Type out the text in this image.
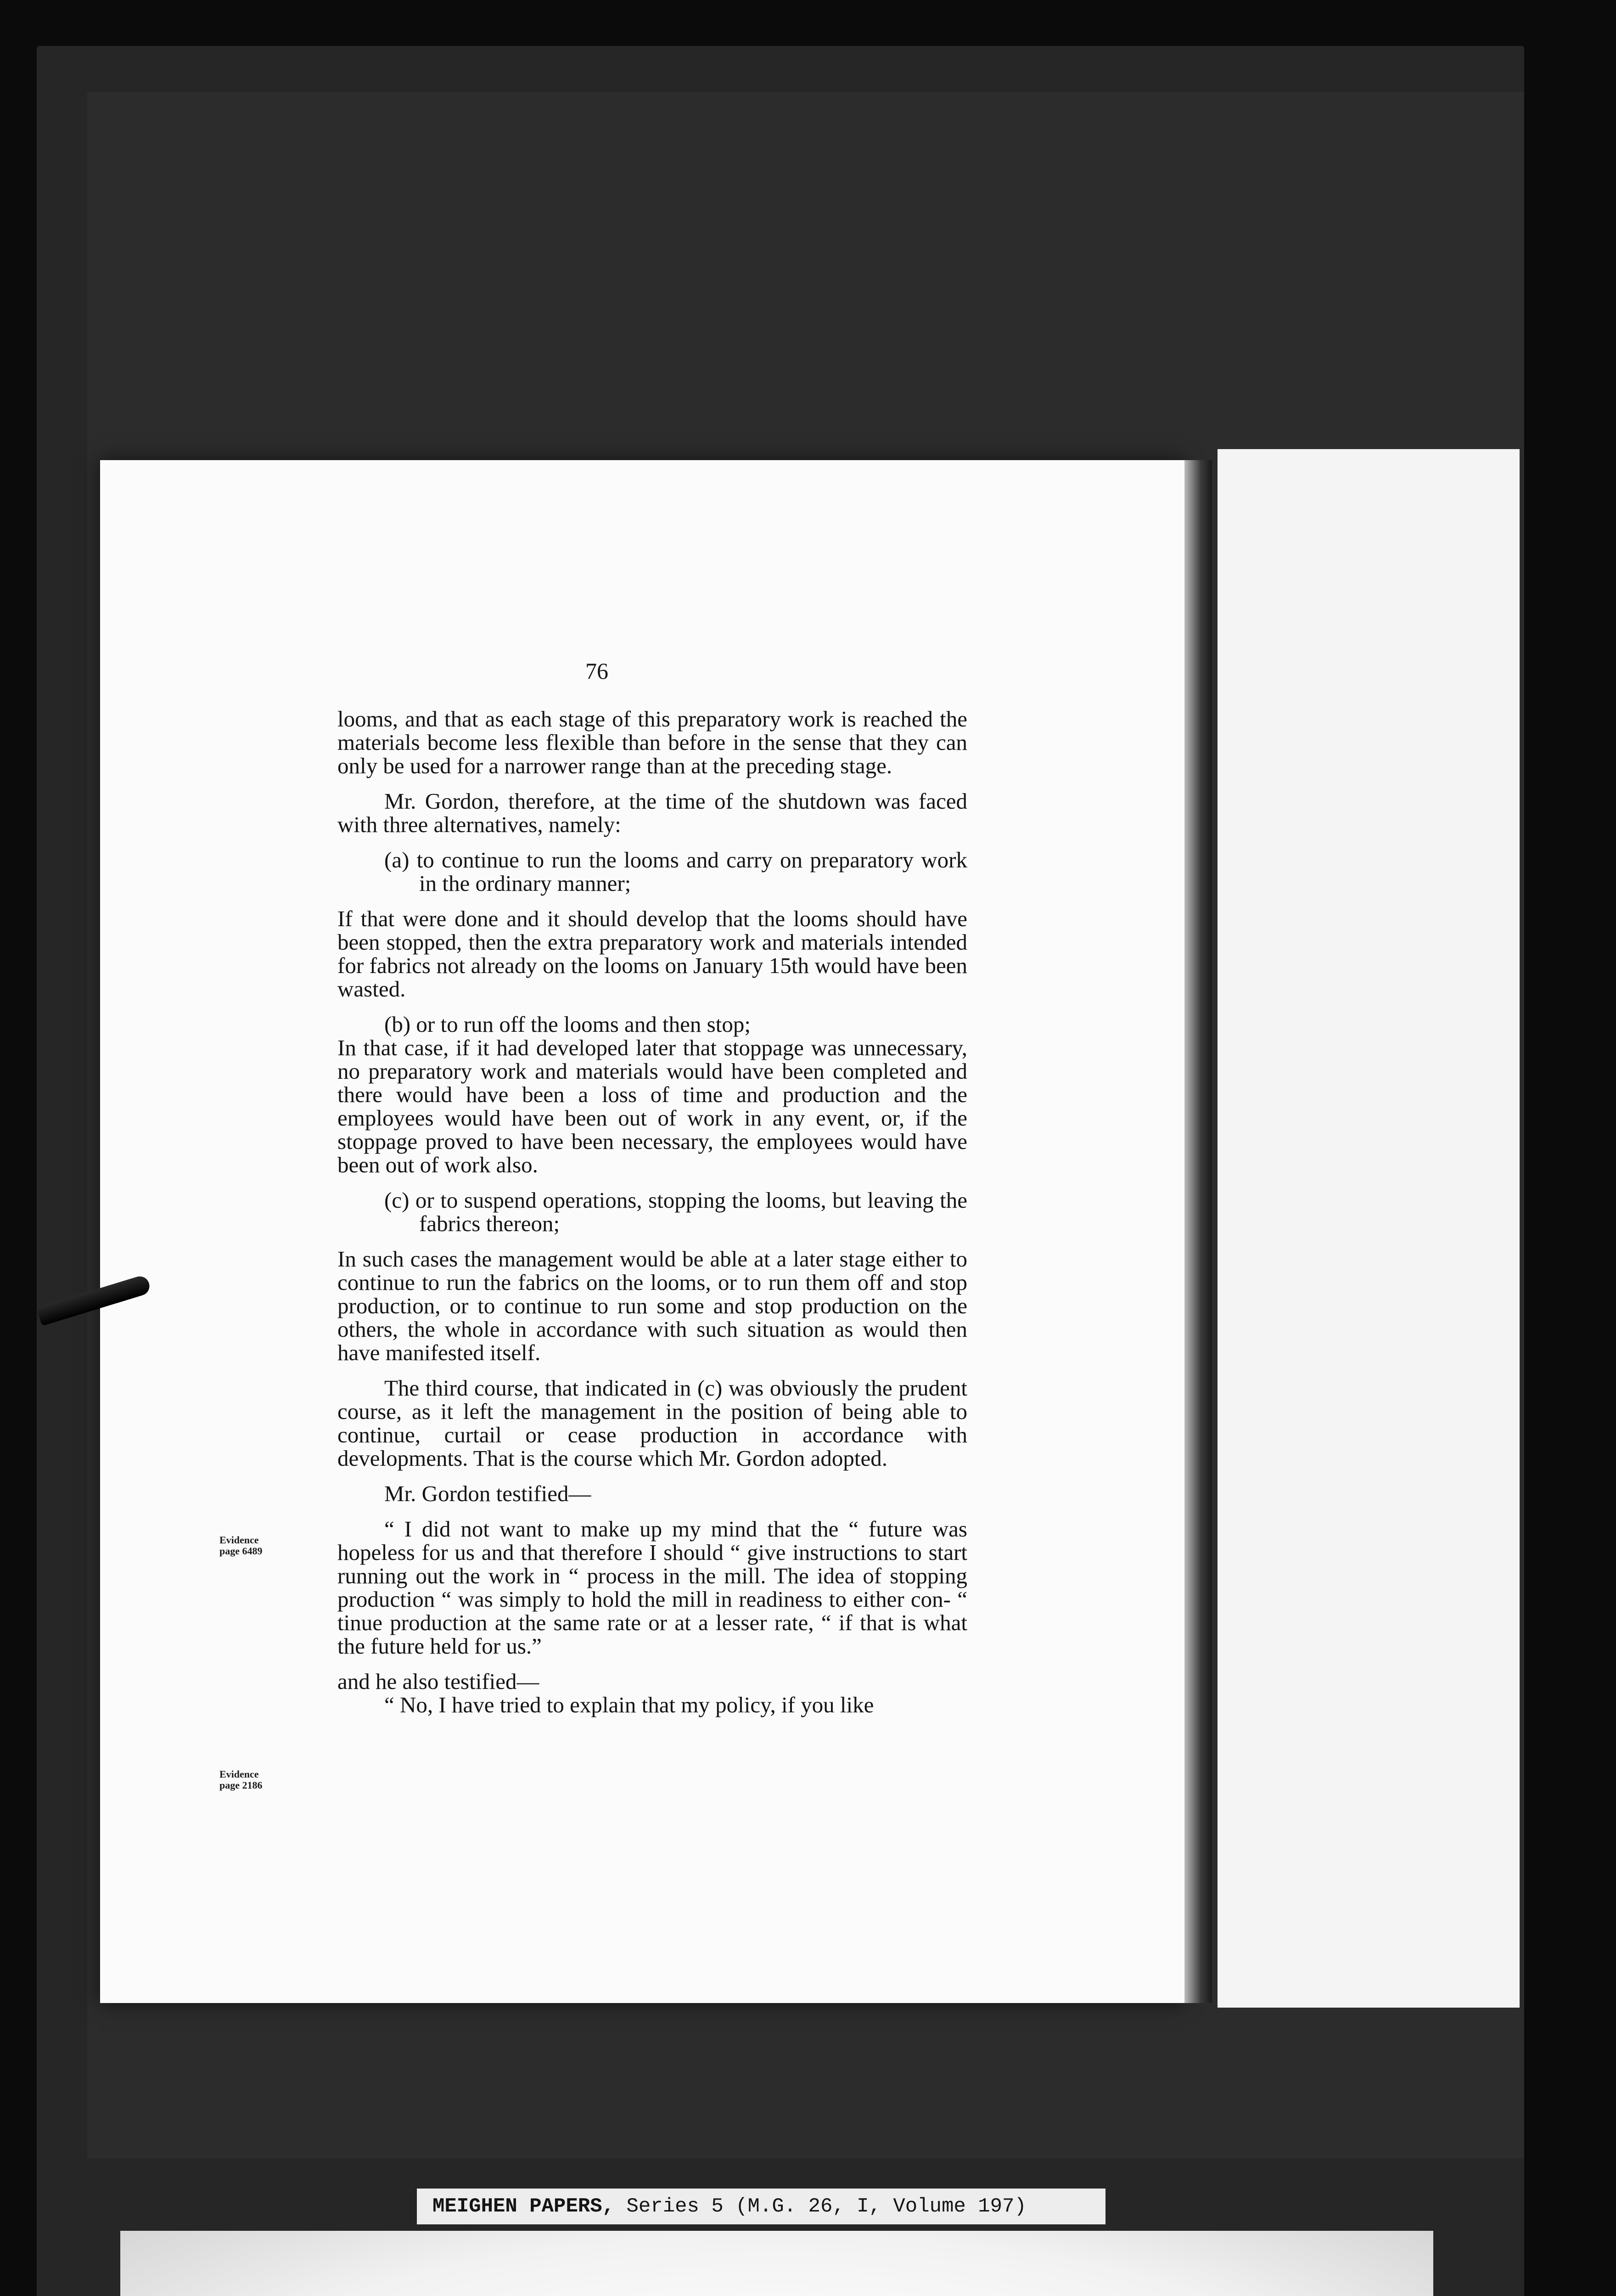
76

looms, and that as each stage of this preparatory work is reached the materials become less flexible than before in the sense that they can only be used for a narrower range than at the preceding stage.

Mr. Gordon, therefore, at the time of the shutdown was faced with three alternatives, namely:

(a) to continue to run the looms and carry on preparatory work in the ordinary manner;

If that were done and it should develop that the looms should have been stopped, then the extra preparatory work and materials intended for fabrics not already on the looms on January 15th would have been wasted.

(b) or to run off the looms and then stop;

In that case, if it had developed later that stoppage was unnecessary, no preparatory work and materials would have been completed and there would have been a loss of time and production and the employees would have been out of work in any event, or, if the stoppage proved to have been necessary, the employees would have been out of work also.

(c) or to suspend operations, stopping the looms, but leaving the fabrics thereon;

In such cases the management would be able at a later stage either to continue to run the fabrics on the looms, or to run them off and stop production, or to continue to run some and stop production on the others, the whole in accordance with such situation as would then have manifested itself.

The third course, that indicated in (c) was obviously the prudent course, as it left the management in the position of being able to continue, curtail or cease production in accordance with developments. That is the course which Mr. Gordon adopted.

Mr. Gordon testified—

“ I did not want to make up my mind that the “ future was hopeless for us and that therefore I should “ give instructions to start running out the work in “ process in the mill. The idea of stopping production “ was simply to hold the mill in readiness to either con- “ tinue production at the same rate or at a lesser rate, “ if that is what the future held for us.”

and he also testified—

“ No, I have tried to explain that my policy, if you like

Evidence
page 6489
Evidence
page 2186
MEIGHEN PAPERS, Series 5 (M.G. 26, I, Volume 197)
